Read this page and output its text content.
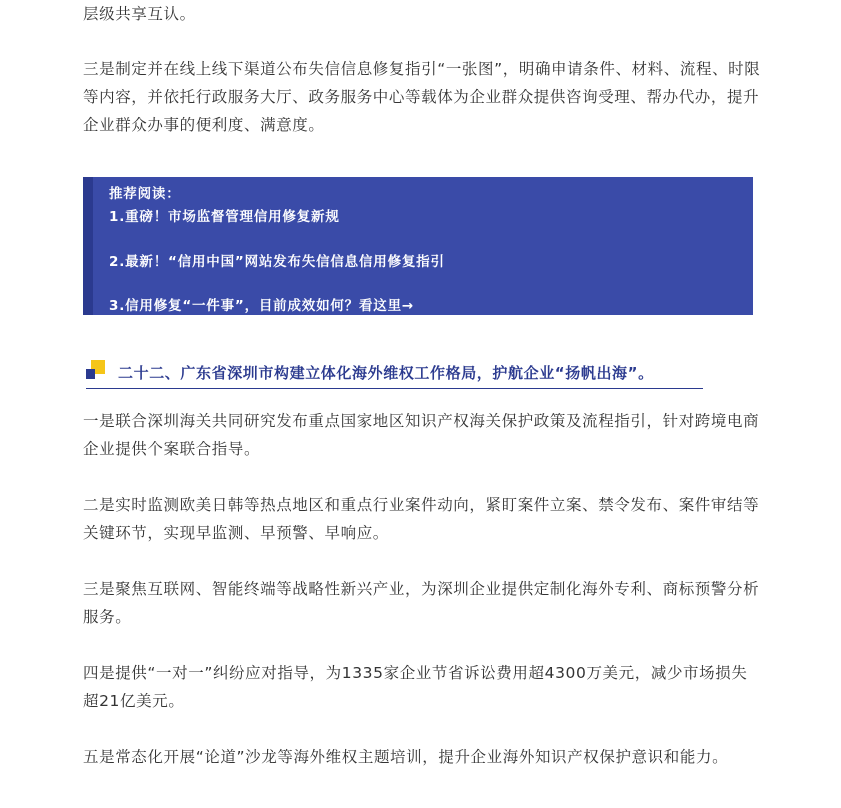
层级共享互认。

三是制定并在线上线下渠道公布失信信息修复指引“一张图”，明确申请条件、材料、流程、时限等内容，并依托行政服务大厅、政务服务中心等载体为企业群众提供咨询受理、帮办代办，提升企业群众办事的便利度、满意度。

推荐阅读：
1.重磅！市场监督管理信用修复新规
2.最新！“信用中国”网站发布失信信息信用修复指引
3.信用修复“一件事”，目前成效如何？看这里→
二十二、广东省深圳市构建立体化海外维权工作格局，护航企业“扬帆出海”。

一是联合深圳海关共同研究发布重点国家地区知识产权海关保护政策及流程指引，针对跨境电商企业提供个案联合指导。

二是实时监测欧美日韩等热点地区和重点行业案件动向，紧盯案件立案、禁令发布、案件审结等关键环节，实现早监测、早预警、早响应。

三是聚焦互联网、智能终端等战略性新兴产业，为深圳企业提供定制化海外专利、商标预警分析服务。

四是提供“一对一”纠纷应对指导，为1335家企业节省诉讼费用超4300万美元，减少市场损失超21亿美元。

五是常态化开展“论道”沙龙等海外维权主题培训，提升企业海外知识产权保护意识和能力。
